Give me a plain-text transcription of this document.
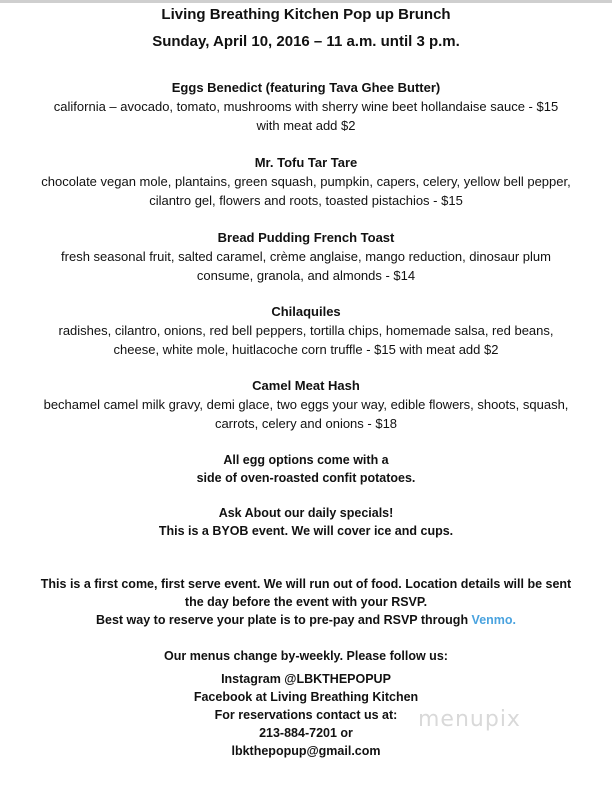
Living Breathing Kitchen Pop up Brunch
Sunday, April 10, 2016 – 11 a.m. until 3 p.m.
Eggs Benedict (featuring Tava Ghee Butter)
california – avocado, tomato, mushrooms with sherry wine beet hollandaise sauce - $15
with meat add $2
Mr. Tofu Tar Tare
chocolate vegan mole, plantains, green squash, pumpkin, capers, celery, yellow bell pepper,
cilantro gel, flowers and roots, toasted pistachios - $15
Bread Pudding French Toast
fresh seasonal fruit, salted caramel, crème anglaise, mango reduction, dinosaur plum
consume, granola, and almonds - $14
Chilaquiles
radishes, cilantro, onions, red bell peppers, tortilla chips, homemade salsa, red beans,
cheese, white mole, huitlacoche corn truffle - $15 with meat add $2
Camel Meat Hash
bechamel camel milk gravy, demi glace, two eggs your way, edible flowers, shoots, squash,
carrots, celery and onions - $18
All egg options come with a
side of oven-roasted confit potatoes.
Ask About our daily specials!
This is a BYOB event. We will cover ice and cups.
This is a first come, first serve event. We will run out of food. Location details will be sent
the day before the event with your RSVP.
Best way to reserve your plate is to pre-pay and RSVP through Venmo.
Our menus change by-weekly. Please follow us:
Instagram @LBKTHEPOPUP
Facebook at Living Breathing Kitchen
For reservations contact us at:
213-884-7201 or
lbkthepopup@gmail.com
menupix
